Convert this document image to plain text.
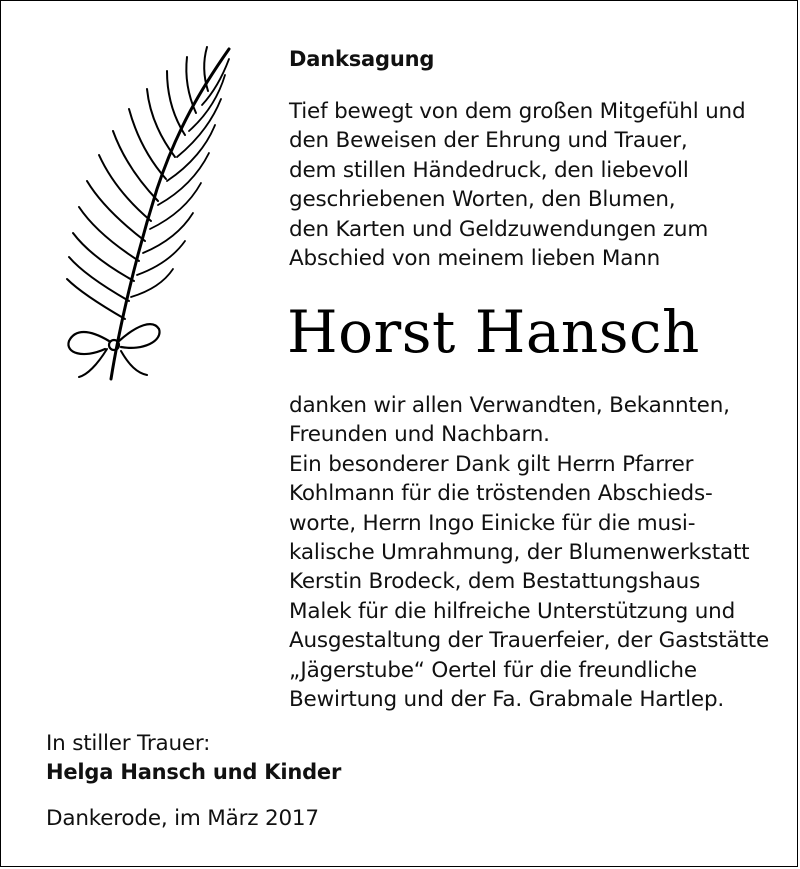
Danksagung
Tief bewegt von dem großen Mitgefühl und
den Beweisen der Ehrung und Trauer,
dem stillen Händedruck, den liebevoll
geschriebenen Worten, den Blumen,
den Karten und Geldzuwendungen zum
Abschied von meinem lieben Mann
Horst Hansch
danken wir allen Verwandten, Bekannten,
Freunden und Nachbarn.
Ein besonderer Dank gilt Herrn Pfarrer
Kohlmann für die tröstenden Abschieds-
worte, Herrn Ingo Einicke für die musi-
kalische Umrahmung, der Blumenwerkstatt
Kerstin Brodeck, dem Bestattungshaus
Malek für die hilfreiche Unterstützung und
Ausgestaltung der Trauerfeier, der Gaststätte
„Jägerstube“ Oertel für die freundliche
Bewirtung und der Fa. Grabmale Hartlep.
In stiller Trauer:
Helga Hansch und Kinder
Dankerode, im März 2017
